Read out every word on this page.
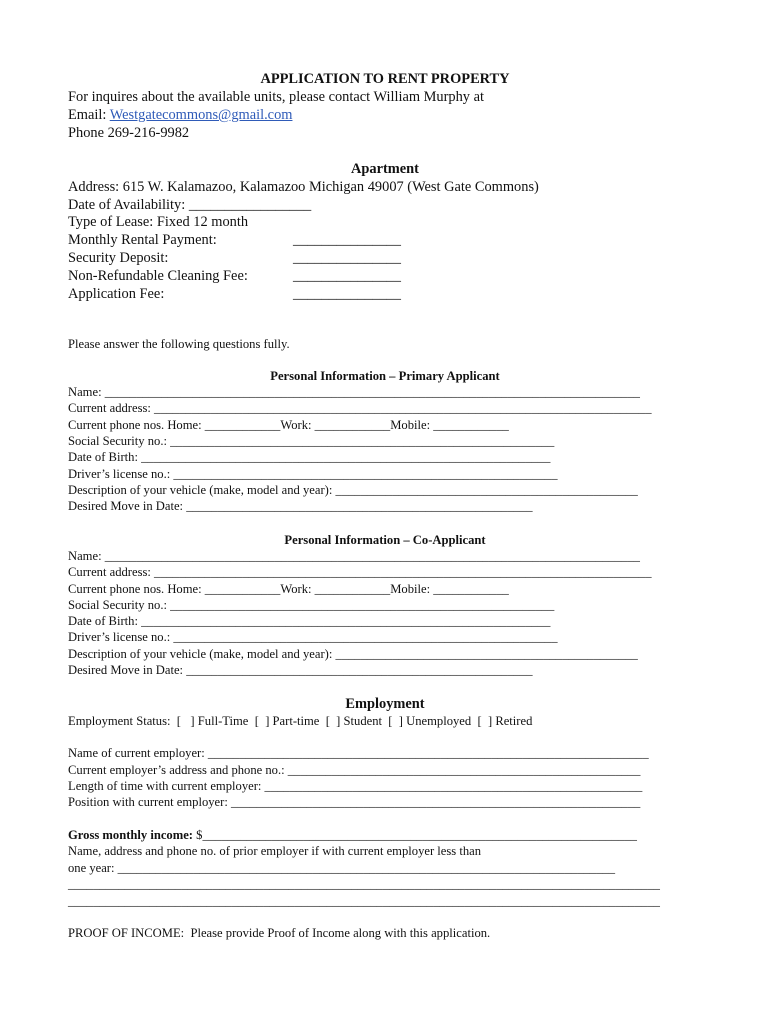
APPLICATION TO RENT PROPERTY
For inquires about the available units, please contact William Murphy at
Email: Westgatecommons@gmail.com
Phone 269-216-9982
Apartment
Address: 615 W. Kalamazoo, Kalamazoo Michigan 49007 (West Gate Commons)
Date of Availability: _________________
Type of Lease: Fixed 12 month
Monthly Rental Payment:	_______________
Security Deposit:	_______________
Non-Refundable Cleaning Fee:	_______________
Application Fee:	_______________
Please answer the following questions fully.
Personal Information – Primary Applicant
Name: _____________________________________________________________________________________
Current address: _______________________________________________________________________________
Current phone nos. Home: ____________Work: ____________Mobile: ____________
Social Security no.: _____________________________________________________________
Date of Birth: _________________________________________________________________
Driver’s license no.: _____________________________________________________________
Description of your vehicle (make, model and year): ________________________________________________
Desired Move in Date: _______________________________________________________
Personal Information – Co-Applicant
Name: _____________________________________________________________________________________
Current address: _______________________________________________________________________________
Current phone nos. Home: ____________Work: ____________Mobile: ____________
Social Security no.: _____________________________________________________________
Date of Birth: _________________________________________________________________
Driver’s license no.: _____________________________________________________________
Description of your vehicle (make, model and year): ________________________________________________
Desired Move in Date: _______________________________________________________
Employment
Employment Status:  [   ] Full-Time  [  ] Part-time  [  ] Student  [  ] Unemployed  [  ] Retired
Name of current employer: ______________________________________________________________________
Current employer’s address and phone no.: ________________________________________________________
Length of time with current employer: ____________________________________________________________
Position with current employer: _________________________________________________________________
Gross monthly income: $_____________________________________________________________________
Name, address and phone no. of prior employer if with current employer less than
one year: _______________________________________________________________________________
______________________________________________________________________________________________
______________________________________________________________________________________________
PROOF OF INCOME:  Please provide Proof of Income along with this application.
